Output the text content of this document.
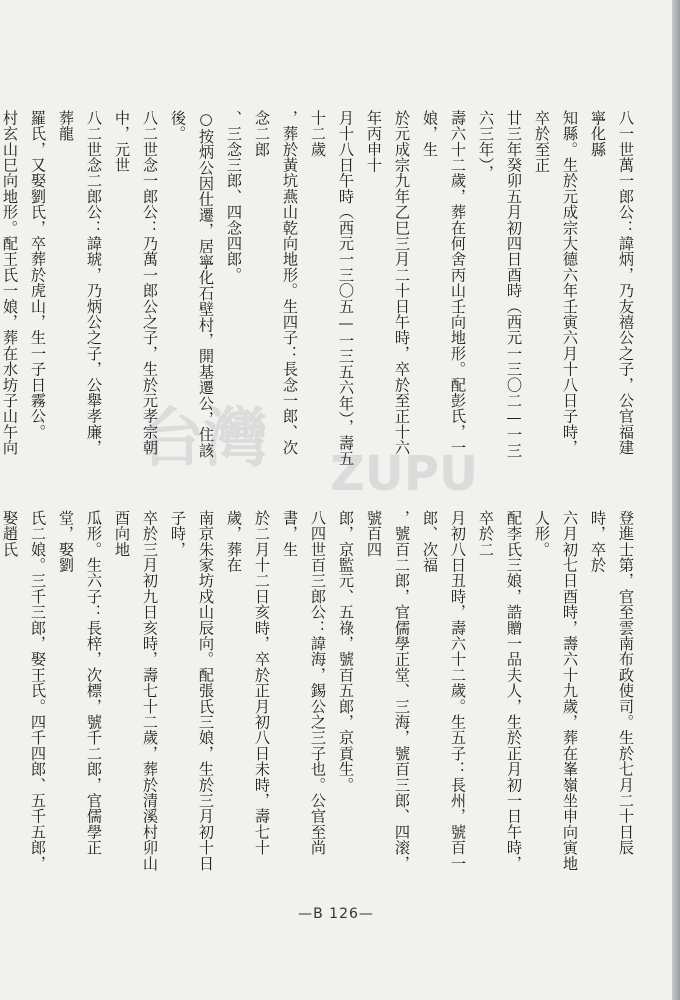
台灣 ZUPU
八一世萬一郎公：諱炳，乃友禧公之子，公官福建寧化縣
知縣。生於元成宗大德六年壬寅六月十八日子時，卒於至正
廿三年癸卯五月初四日酉時（西元一三〇二—一三六三年），
壽六十二歲，葬在何舍丙山壬向地形。配彭氏，一娘，生
於元成宗九年乙巳三月二十日午時，卒於至正十六年丙申十
月十八日午時（西元一三〇五—一三五六年），壽五十二歲
，葬於黃坑燕山乾向地形。生四子：長念一郎、次念二郎
、三念三郎、四念四郎。
○按炳公因仕遷，居寧化石壁村，開基遷公，住該後。
八二世念一郎公：乃萬一郎公之子，生於元孝宗朝中，元世
八二世念二郎公：諱琥，乃炳公之子，公舉孝廉，葬龍
羅氏，又娶劉氏，卒葬於虎山，生一子日霧公。
村玄山巳向地形。配王氏一娘，葬在水坊子山午向
登進士第，官至雲南布政使司。生於七月二十日辰時，卒於
六月初七日酉時，壽六十九歲，葬在峯嶺坐申向寅地人形。
配李氏三娘，誥贈一品夫人，生於正月初一日午時，卒於二
月初八日丑時，壽六十二歲。生五子：長州，號百一郎、次福
，號百二郎，官儒學正堂、三海，號百三郎、四滚，號百四
郎，京監元、五祿，號百五郎，京貢生。
八四世百三郎公：諱海，錫公之三子也。公官至尚書，生
於二月十二日亥時，卒於正月初八日未時，壽七十歲，葬在
南京朱家坊戍山辰向。配張氏三娘，生於三月初十日子時，
卒於三月初九日亥時，壽七十二歲，葬於清溪村卯山酉向地
瓜形。生六子：長梓，次標，號千二郎，官儒學正堂，娶劉
氏二娘。三千三郎，娶王氏。四千四郎、五千五郎，娶趙氏
—B 126—
